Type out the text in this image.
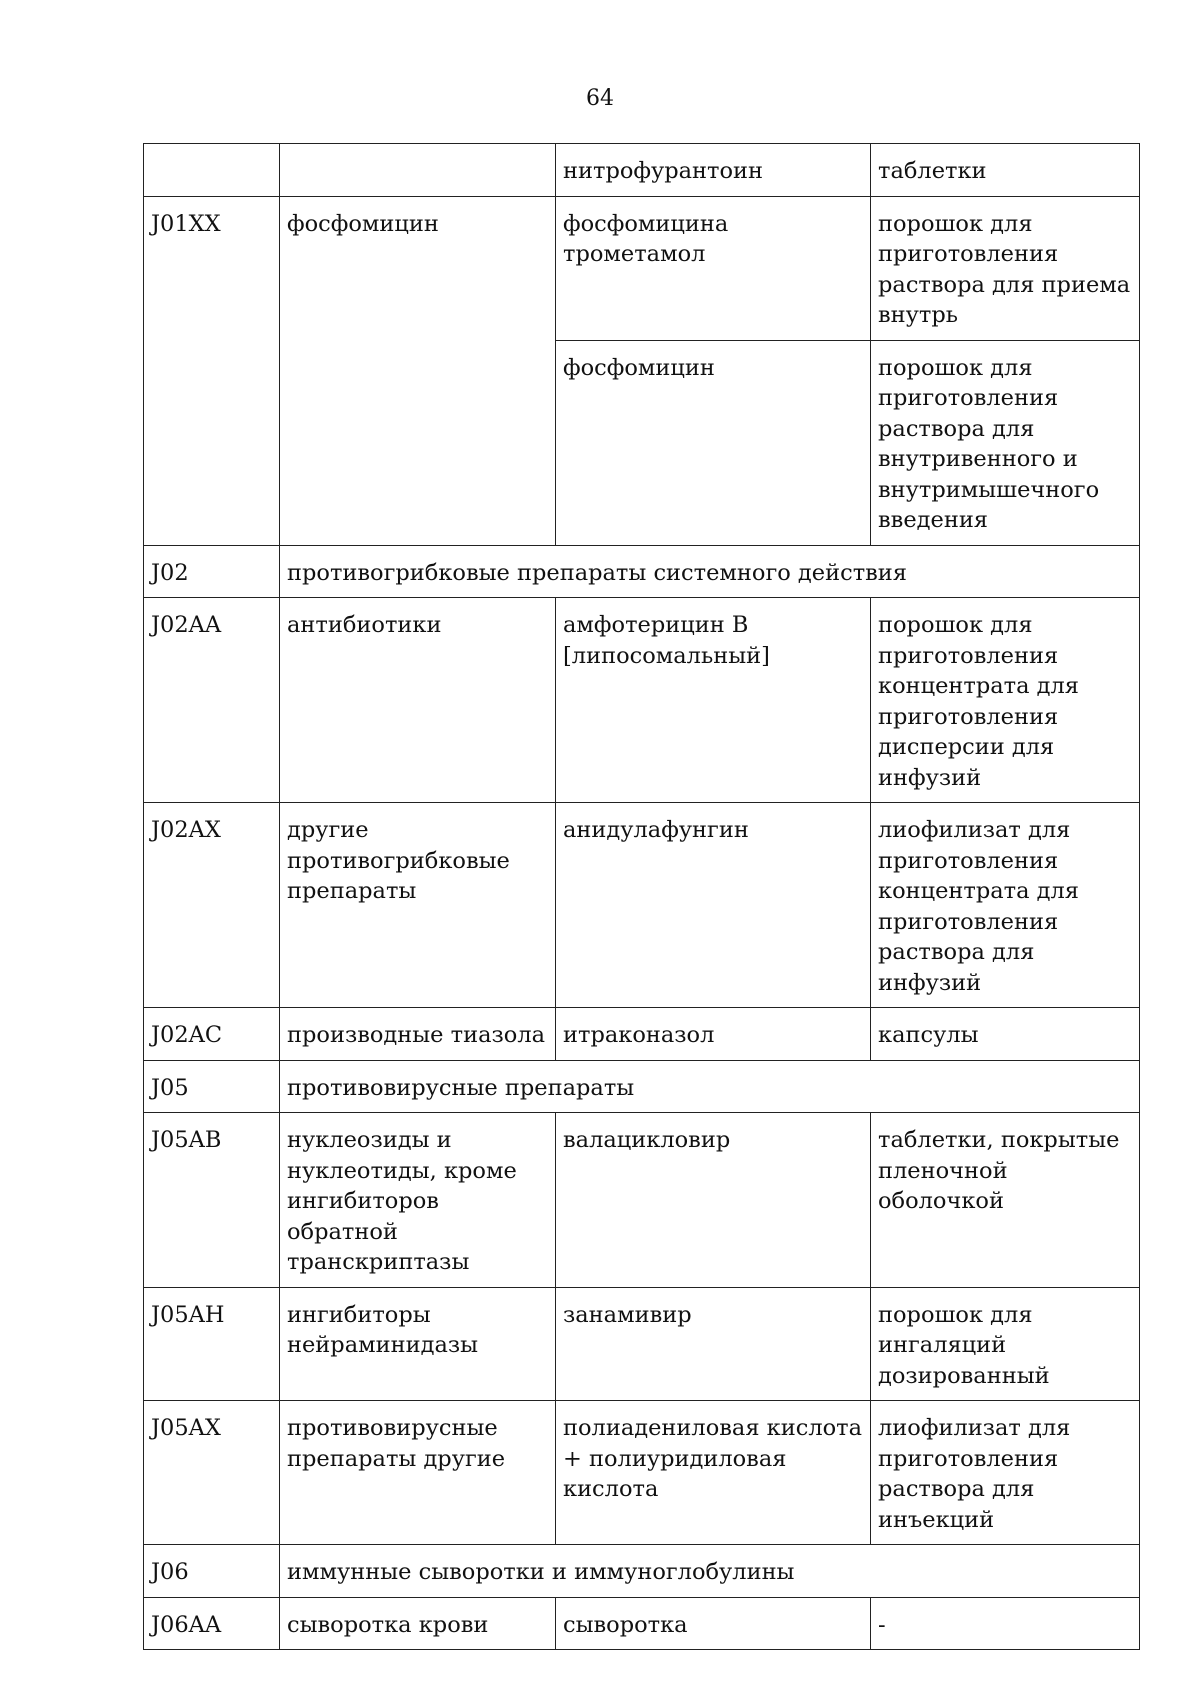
64
		нитрофурантоин	таблетки
J01XX	фосфомицин	фосфомицина трометамол	порошок для приготовления раствора для приема внутрь
		фосфомицин	порошок для приготовления раствора для внутривенного и внутримышечного введения
J02	противогрибковые препараты системного действия		
J02AA	антибиотики	амфотерицин B [липосомальный]	порошок для приготовления концентрата для приготовления дисперсии для инфузий
J02AX	другие противогрибковые препараты	анидулафунгин	лиофилизат для приготовления концентрата для приготовления раствора для инфузий
J02AC	производные тиазола	итраконазол	капсулы
J05	противовирусные препараты		
J05AB	нуклеозиды и нуклеотиды, кроме ингибиторов обратной транскриптазы	валацикловир	таблетки, покрытые пленочной оболочкой
J05AH	ингибиторы нейраминидазы	занамивир	порошок для ингаляций дозированный
J05AX	противовирусные препараты другие	полиадениловая кислота + полиуридиловая кислота	лиофилизат для приготовления раствора для инъекций
J06	иммунные сыворотки и иммуноглобулины		
J06AA	сыворотка крови	сыворотка	-
